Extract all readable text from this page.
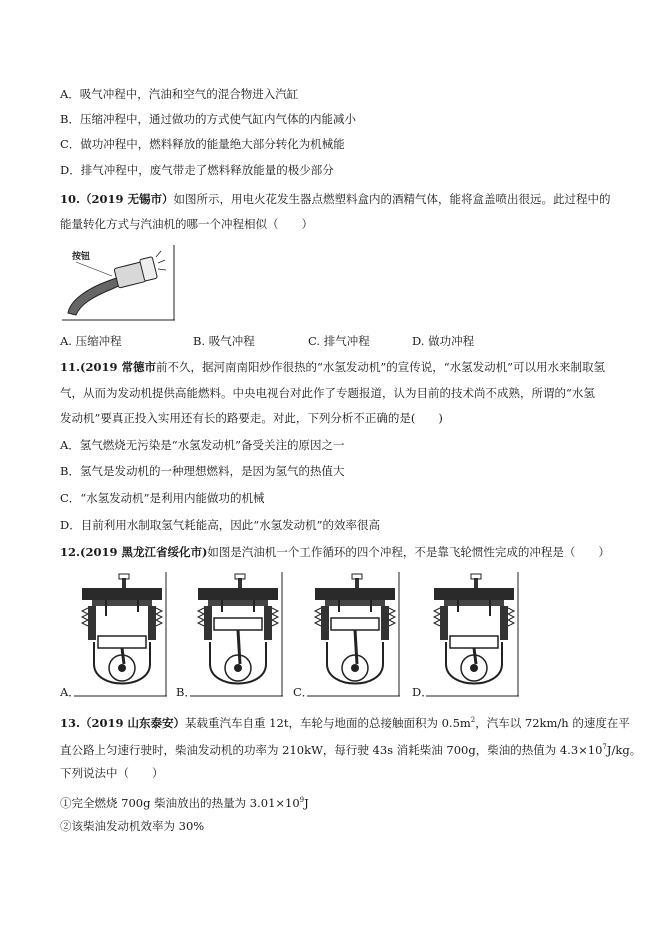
A．吸气冲程中，汽油和空气的混合物进入汽缸
B．压缩冲程中，通过做功的方式使气缸内气体的内能减小
C．做功冲程中，燃料释放的能量绝大部分转化为机械能
D．排气冲程中，废气带走了燃料释放能量的极少部分
10.（2019 无锡市）如图所示，用电火花发生器点燃塑料盒内的酒精气体，能将盒盖喷出很远。此过程中的
能量转化方式与汽油机的哪一个冲程相似（　　）
按钮
A. 压缩冲程	B. 吸气冲程	C. 排气冲程	D. 做功冲程
11.(2019 常德市前不久，据河南南阳炒作很热的“水氢发动机”的宣传说，“水氢发动机”可以用水来制取氢
气，从而为发动机提供高能燃料。中央电视台对此作了专题报道，认为目前的技术尚不成熟，所谓的“水氢
发动机”要真正投入实用还有长的路要走。对此，下列分析不正确的是(　　)
A．氢气燃烧无污染是“水氢发动机”备受关注的原因之一
B．氢气是发动机的一种理想燃料，是因为氢气的热值大
C．“水氢发动机”是利用内能做功的机械
D．目前利用水制取氢气耗能高，因此“水氢发动机”的效率很高
12.(2019 黑龙江省绥化市)如图是汽油机一个工作循环的四个冲程，不是靠飞轮惯性完成的冲程是（　　）
A．	B．	C．	D．
13.（2019 山东泰安）某载重汽车自重 12t，车轮与地面的总接触面积为 $0.5m^2$，汽车以 72km/h 的速度在平
直公路上匀速行驶时，柴油发动机的功率为 210kW，每行驶 43s 消耗柴油 700g，柴油的热值为 $4.3\times 10^7J/kg$。
下列说法中（　　）
①完全燃烧 700g 柴油放出的热量为 $3.01\times 10^9J$
②该柴油发动机效率为 30%
